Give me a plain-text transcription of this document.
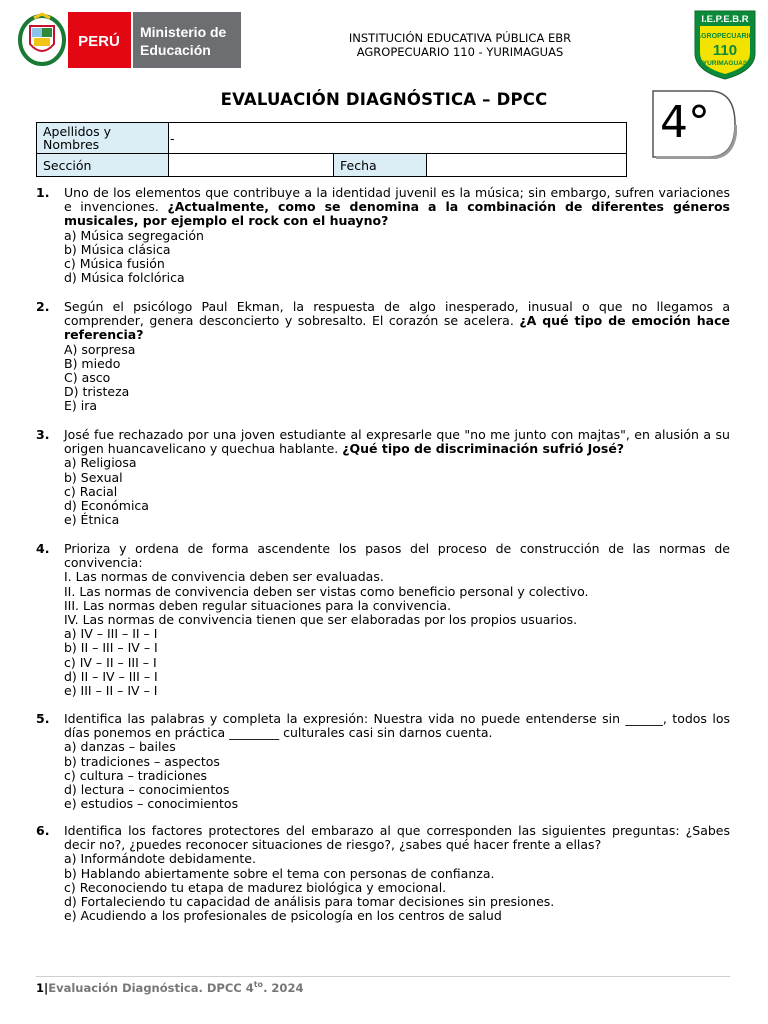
PERÚ
Ministerio de
Educación
INSTITUCIÓN EDUCATIVA PÚBLICA EBR
AGROPECUARIO 110 - YURIMAGUAS
I.E.P.E.B.R
AGROPECUARIO
110
YURIMAGUAS
EVALUACIÓN DIAGNÓSTICA – DPCC	4°
Apellidos y Nombres	-		
Sección		Fecha	
1. Uno de los elementos que contribuye a la identidad juvenil es la música; sin embargo, sufren variaciones e invenciones. ¿Actualmente, como se denomina a la combinación de diferentes géneros musicales, por ejemplo el rock con el huayno?
a) Música segregación
b) Música clásica
c) Música fusión
d) Música folclórica
2. Según el psicólogo Paul Ekman, la respuesta de algo inesperado, inusual o que no llegamos a comprender, genera desconcierto y sobresalto. El corazón se acelera. ¿A qué tipo de emoción hace referencia?
A) sorpresa
B) miedo
C) asco
D) tristeza
E) ira
3. José fue rechazado por una joven estudiante al expresarle que "no me junto con majtas", en alusión a su origen huancavelicano y quechua hablante. ¿Qué tipo de discriminación sufrió José?
a) Religiosa
b) Sexual
c) Racial
d) Económica
e) Étnica
4. Prioriza y ordena de forma ascendente los pasos del proceso de construcción de las normas de convivencia:
I. Las normas de convivencia deben ser evaluadas.
II. Las normas de convivencia deben ser vistas como beneficio personal y colectivo.
III. Las normas deben regular situaciones para la convivencia.
IV. Las normas de convivencia tienen que ser elaboradas por los propios usuarios.
a) IV – III – II – I
b) II – III – IV – I
c) IV – II – III – I
d) II – IV – III – I
e) III – II – IV – I
5. Identifica las palabras y completa la expresión: Nuestra vida no puede entenderse sin ______, todos los días ponemos en práctica ________ culturales casi sin darnos cuenta.
a) danzas – bailes
b) tradiciones – aspectos
c) cultura – tradiciones
d) lectura – conocimientos
e) estudios – conocimientos
6. Identifica los factores protectores del embarazo al que corresponden las siguientes preguntas: ¿Sabes decir no?, ¿puedes reconocer situaciones de riesgo?, ¿sabes qué hacer frente a ellas?
a) Informándote debidamente.
b) Hablando abiertamente sobre el tema con personas de confianza.
c) Reconociendo tu etapa de madurez biológica y emocional.
d) Fortaleciendo tu capacidad de análisis para tomar decisiones sin presiones.
e) Acudiendo a los profesionales de psicología en los centros de salud
1|Evaluación Diagnóstica. DPCC $4^{to}$. 2024
